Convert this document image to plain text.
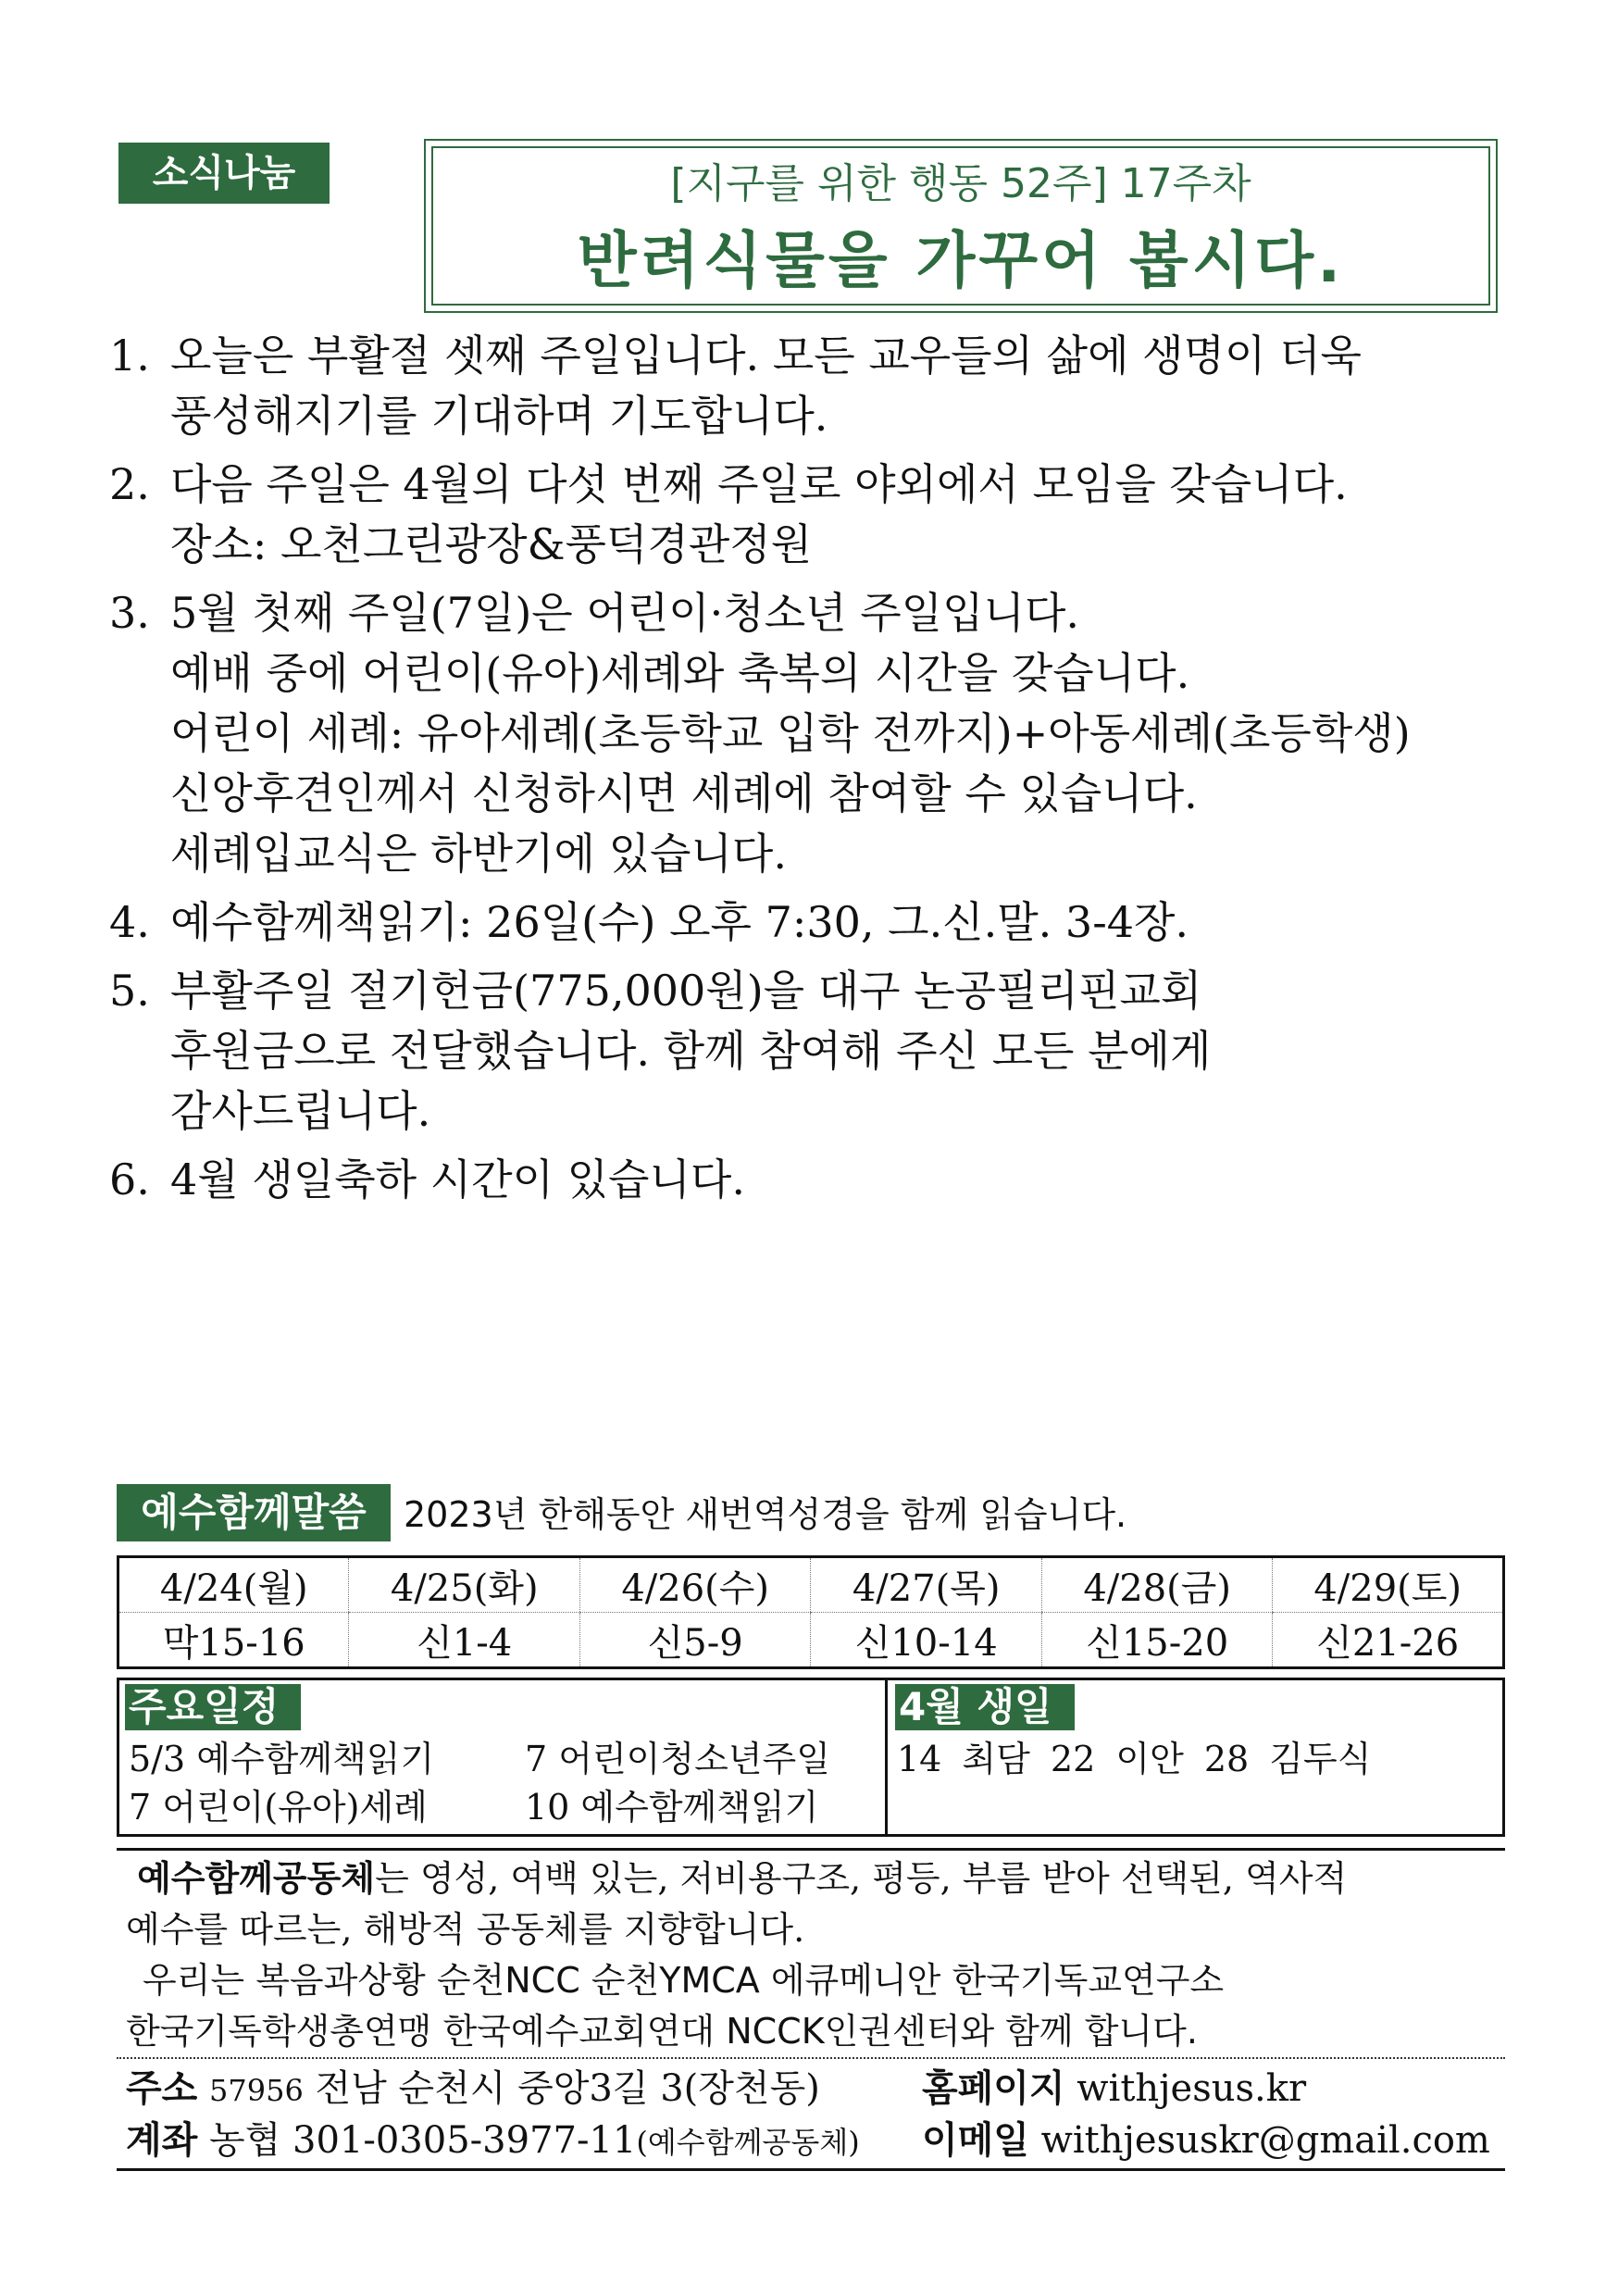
소식나눔	[지구를 위한 행동 52주] 17주차
반려식물을 가꾸어 봅시다.
1. 오늘은 부활절 셋째 주일입니다. 모든 교우들의 삶에 생명이 더욱
풍성해지기를 기대하며 기도합니다.
2. 다음 주일은 4월의 다섯 번째 주일로 야외에서 모임을 갖습니다.
장소: 오천그린광장&풍덕경관정원
3. 5월 첫째 주일(7일)은 어린이·청소년 주일입니다.
예배 중에 어린이(유아)세례와 축복의 시간을 갖습니다.
어린이 세례: 유아세례(초등학교 입학 전까지)+아동세례(초등학생)
신앙후견인께서 신청하시면 세례에 참여할 수 있습니다.
세례입교식은 하반기에 있습니다.
4. 예수함께책읽기: 26일(수) 오후 7:30, 그.신.말. 3-4장.
5. 부활주일 절기헌금(775,000원)을 대구 논공필리핀교회
후원금으로 전달했습니다. 함께 참여해 주신 모든 분에게
감사드립니다.
6. 4월 생일축하 시간이 있습니다.
예수함께말씀	2023년 한해동안 새번역성경을 함께 읽습니다.
4/24(월)	4/25(화)	4/26(수)	4/27(목)	4/28(금)	4/29(토)
막15-16	신1-4	신5-9	신10-14	신15-20	신21-26
주요일정
5/3 예수함께책읽기	7 어린이청소년주일
7 어린이(유아)세례	10 예수함께책읽기
4월 생일
14 최담 22 이안 28 김두식
예수함께공동체는 영성, 여백 있는, 저비용구조, 평등, 부름 받아 선택된, 역사적
예수를 따르는, 해방적 공동체를 지향합니다.
우리는 복음과상황 순천NCC 순천YMCA 에큐메니안 한국기독교연구소
한국기독학생총연맹 한국예수교회연대 NCCK인권센터와 함께 합니다.
주소 57956 전남 순천시 중앙3길 3(장천동)	홈페이지 withjesus.kr
계좌 농협 301-0305-3977-11(예수함께공동체) 이메일 withjesuskr@gmail.com
